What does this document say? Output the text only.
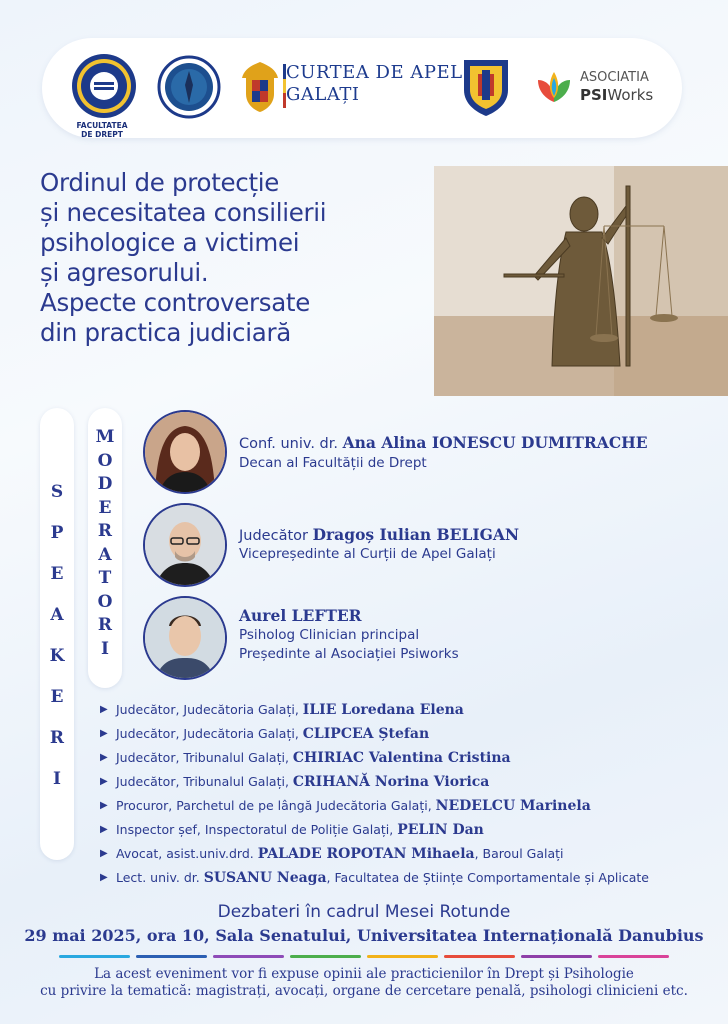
FACULTATEA
DE DREPT
CURTEA DE APEL
GALAȚI
ASOCIATIA
PSIWorks
Ordinul de protecție
și necesitatea consilierii
psihologice a victimei
și agresorului.
Aspecte controversate
din practica judiciară
S
P
E
A
K
E
R
I
M
O
D
E
R
A
T
O
R
I
Conf. univ. dr. Ana Alina IONESCU DUMITRACHE
Decan al Facultății de Drept
Judecător Dragoș Iulian BELIGAN
Vicepreședinte al Curții de Apel Galați
Aurel LEFTER
Psiholog Clinician principal
Președinte al Asociației Psiworks
▶ Judecător, Judecătoria Galați, ILIE Loredana Elena
▶ Judecător, Judecătoria Galați, CLIPCEA Ștefan
▶ Judecător, Tribunalul Galați, CHIRIAC Valentina Cristina
▶ Judecător, Tribunalul Galați, CRIHANĂ Norina Viorica
▶ Procuror, Parchetul de pe lângă Judecătoria Galați, NEDELCU Marinela
▶ Inspector șef, Inspectoratul de Poliție Galați, PELIN Dan
▶ Avocat, asist.univ.drd. PALADE ROPOTAN Mihaela, Baroul Galați
▶ Lect. univ. dr. SUSANU Neaga, Facultatea de Științe Comportamentale și Aplicate
Dezbateri în cadrul Mesei Rotunde
29 mai 2025, ora 10, Sala Senatului, Universitatea Internațională Danubius
La acest eveniment vor fi expuse opinii ale practicienilor în Drept și Psihologie
cu privire la tematică: magistrați, avocați, organe de cercetare penală, psihologi clinicieni etc.
